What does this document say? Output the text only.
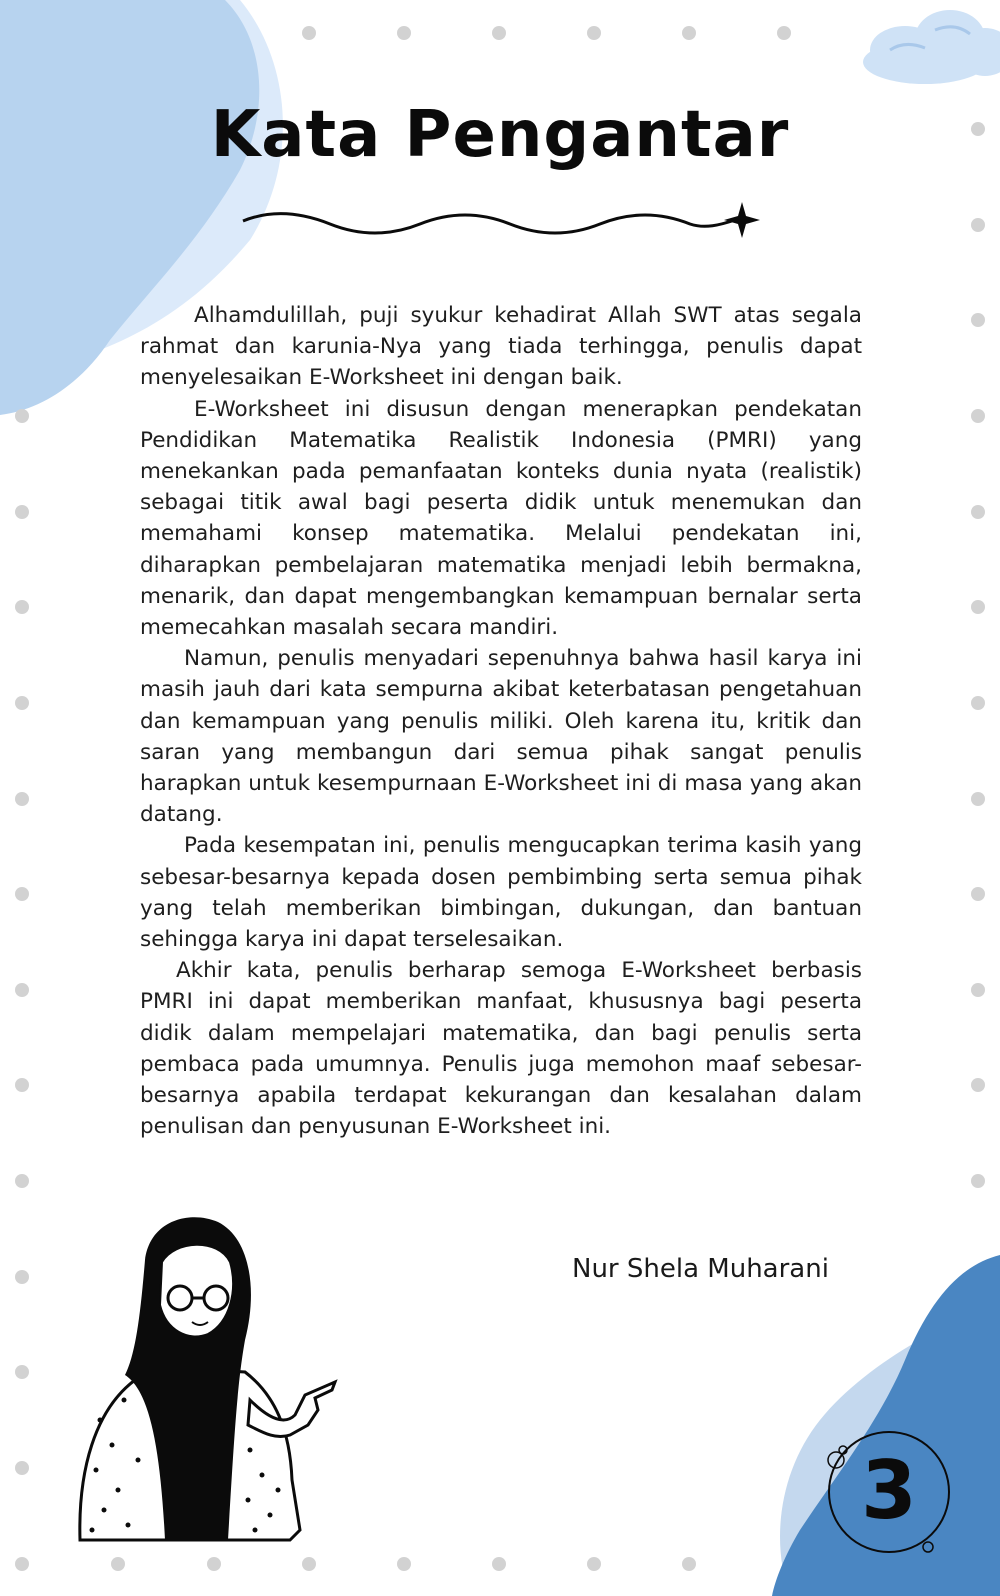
Kata Pengantar

Alhamdulillah, puji syukur kehadirat Allah SWT atas segala rahmat dan karunia-Nya yang tiada terhingga, penulis dapat menyelesaikan E-Worksheet ini dengan baik.

E-Worksheet ini disusun dengan menerapkan pendekatan Pendidikan Matematika Realistik Indonesia (PMRI) yang menekankan pada pemanfaatan konteks dunia nyata (realistik) sebagai titik awal bagi peserta didik untuk menemukan dan memahami konsep matematika. Melalui pendekatan ini, diharapkan pembelajaran matematika menjadi lebih bermakna, menarik, dan dapat mengembangkan kemampuan bernalar serta memecahkan masalah secara mandiri.

Namun, penulis menyadari sepenuhnya bahwa hasil karya ini masih jauh dari kata sempurna akibat keterbatasan pengetahuan dan kemampuan yang penulis miliki. Oleh karena itu, kritik dan saran yang membangun dari semua pihak sangat penulis harapkan untuk kesempurnaan E-Worksheet ini di masa yang akan datang.

Pada kesempatan ini, penulis mengucapkan terima kasih yang sebesar-besarnya kepada dosen pembimbing serta semua pihak yang telah memberikan bimbingan, dukungan, dan bantuan sehingga karya ini dapat terselesaikan.

Akhir kata, penulis berharap semoga E-Worksheet berbasis PMRI ini dapat memberikan manfaat, khususnya bagi peserta didik dalam mempelajari matematika, dan bagi penulis serta pembaca pada umumnya. Penulis juga memohon maaf sebesar-besarnya apabila terdapat kekurangan dan kesalahan dalam penulisan dan penyusunan E-Worksheet ini.

Nur Shela Muharani
3
